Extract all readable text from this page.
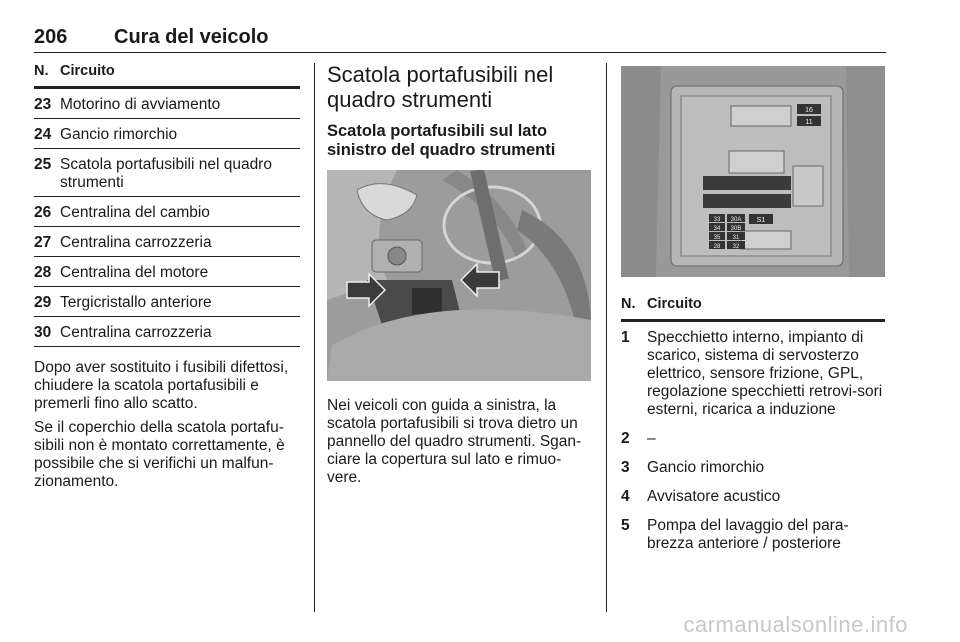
206 Cura del veicolo
N. Circuito
23 Motorino di avviamento
24 Gancio rimorchio
25 Scatola portafusibili nel quadro strumenti
26 Centralina del cambio
27 Centralina carrozzeria
28 Centralina del motore
29 Tergicristallo anteriore
30 Centralina carrozzeria

Dopo aver sostituito i fusibili difettosi, chiudere la scatola portafusibili e premerli fino allo scatto.

Se il coperchio della scatola portafu-sibili non è montato correttamente, è possibile che si verifichi un malfun-zionamento.

Scatola portafusibili nel quadro strumenti
Scatola portafusibili sul lato sinistro del quadro strumenti

Nei veicoli con guida a sinistra, la scatola portafusibili si trova dietro un pannello del quadro strumenti. Sgan-ciare la copertura sul lato e rimuo-vere.

16
11
S1
33 30A
34 30B
35 31
28 32
N. Circuito
1	Specchietto interno, impianto di scarico, sistema di servosterzo elettrico, sensore frizione, GPL, regolazione specchietti retrovi-sori esterni, ricarica a induzione
2	–
3	Gancio rimorchio
4	Avvisatore acustico
5	Pompa del lavaggio del para-brezza anteriore / posteriore
carmanualsonline.info
